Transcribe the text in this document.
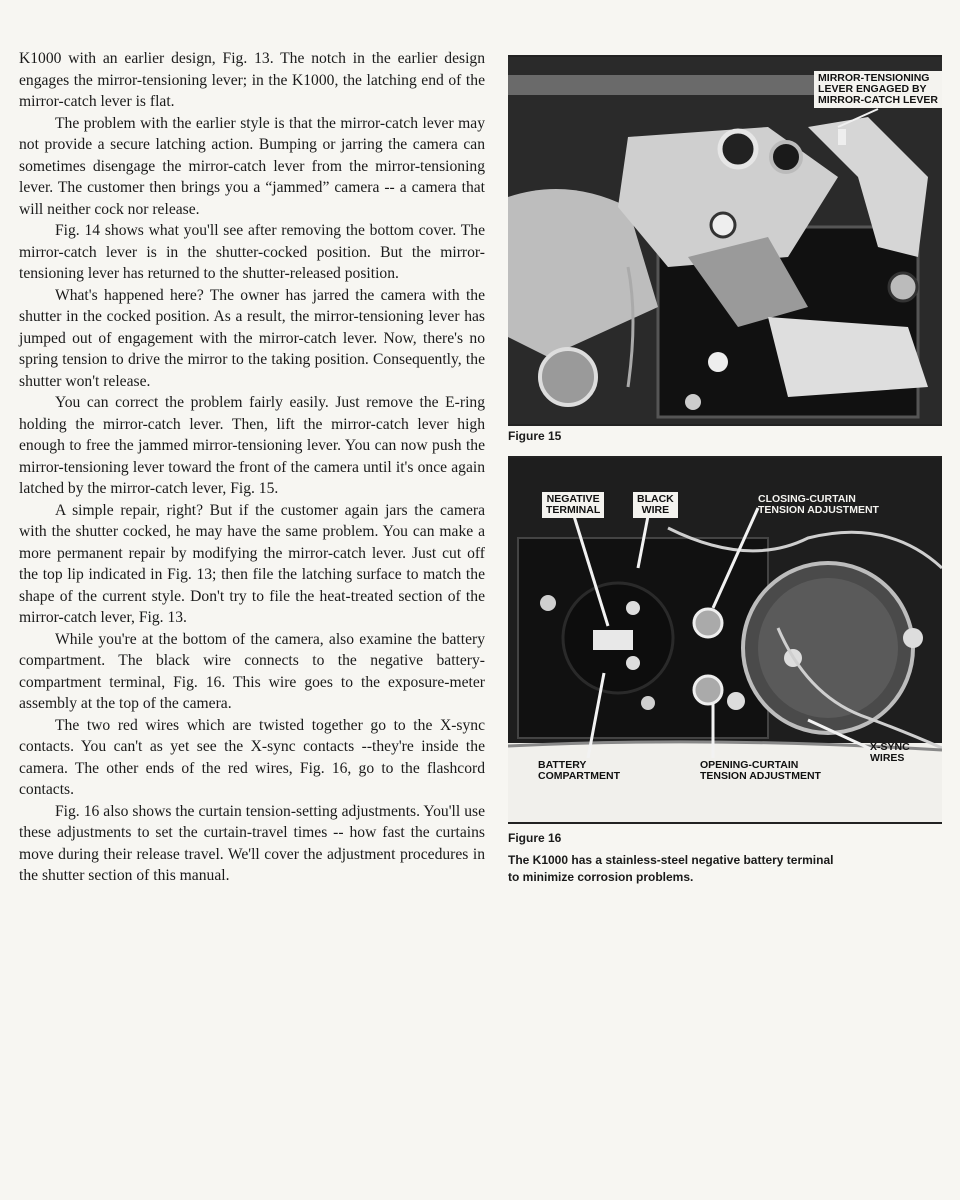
K1000 with an earlier design, Fig. 13. The notch in the earlier design engages the mirror-tensioning lever; in the K1000, the latching end of the mirror-catch lever is flat.

The problem with the earlier style is that the mirror-catch lever may not provide a secure latching action. Bumping or jarring the camera can sometimes disengage the mirror-catch lever from the mirror-tensioning lever. The customer then brings you a “jammed” camera -- a camera that will neither cock nor release.

Fig. 14 shows what you'll see after removing the bottom cover. The mirror-catch lever is in the shutter-cocked position. But the mirror-tensioning lever has returned to the shutter-released position.

What's happened here? The owner has jarred the camera with the shutter in the cocked position. As a result, the mirror-tensioning lever has jumped out of engagement with the mirror-catch lever. Now, there's no spring tension to drive the mirror to the taking position. Consequently, the shutter won't release.

You can correct the problem fairly easily. Just remove the E-ring holding the mirror-catch lever. Then, lift the mirror-catch lever high enough to free the jammed mirror-tensioning lever. You can now push the mirror-tensioning lever toward the front of the camera until it's once again latched by the mirror-catch lever, Fig. 15.

A simple repair, right? But if the customer again jars the camera with the shutter cocked, he may have the same problem. You can make a more permanent repair by modifying the mirror-catch lever. Just cut off the top lip indicated in Fig. 13; then file the latching surface to match the shape of the current style. Don't try to file the heat-treated section of the mirror-catch lever, Fig. 13.

While you're at the bottom of the camera, also examine the battery compartment. The black wire connects to the negative battery-compartment terminal, Fig. 16. This wire goes to the exposure-meter assembly at the top of the camera.

The two red wires which are twisted together go to the X-sync contacts. You can't as yet see the X-sync contacts --they're inside the camera. The other ends of the red wires, Fig. 16, go to the flashcord contacts.

Fig. 16 also shows the curtain tension-setting adjustments. You'll use these adjustments to set the curtain-travel times -- how fast the curtains move during their release travel. We'll cover the adjustment procedures in the shutter section of this manual.

MIRROR-TENSIONING
LEVER ENGAGED BY
MIRROR-CATCH LEVER
Figure 15
NEGATIVE
TERMINAL
BLACK
WIRE
CLOSING-CURTAIN
TENSION ADJUSTMENT
BATTERY
COMPARTMENT
OPENING-CURTAIN
TENSION ADJUSTMENT
X-SYNC
WIRES
Figure 16
The K1000 has a stainless-steel negative battery terminal to minimize corrosion problems.
